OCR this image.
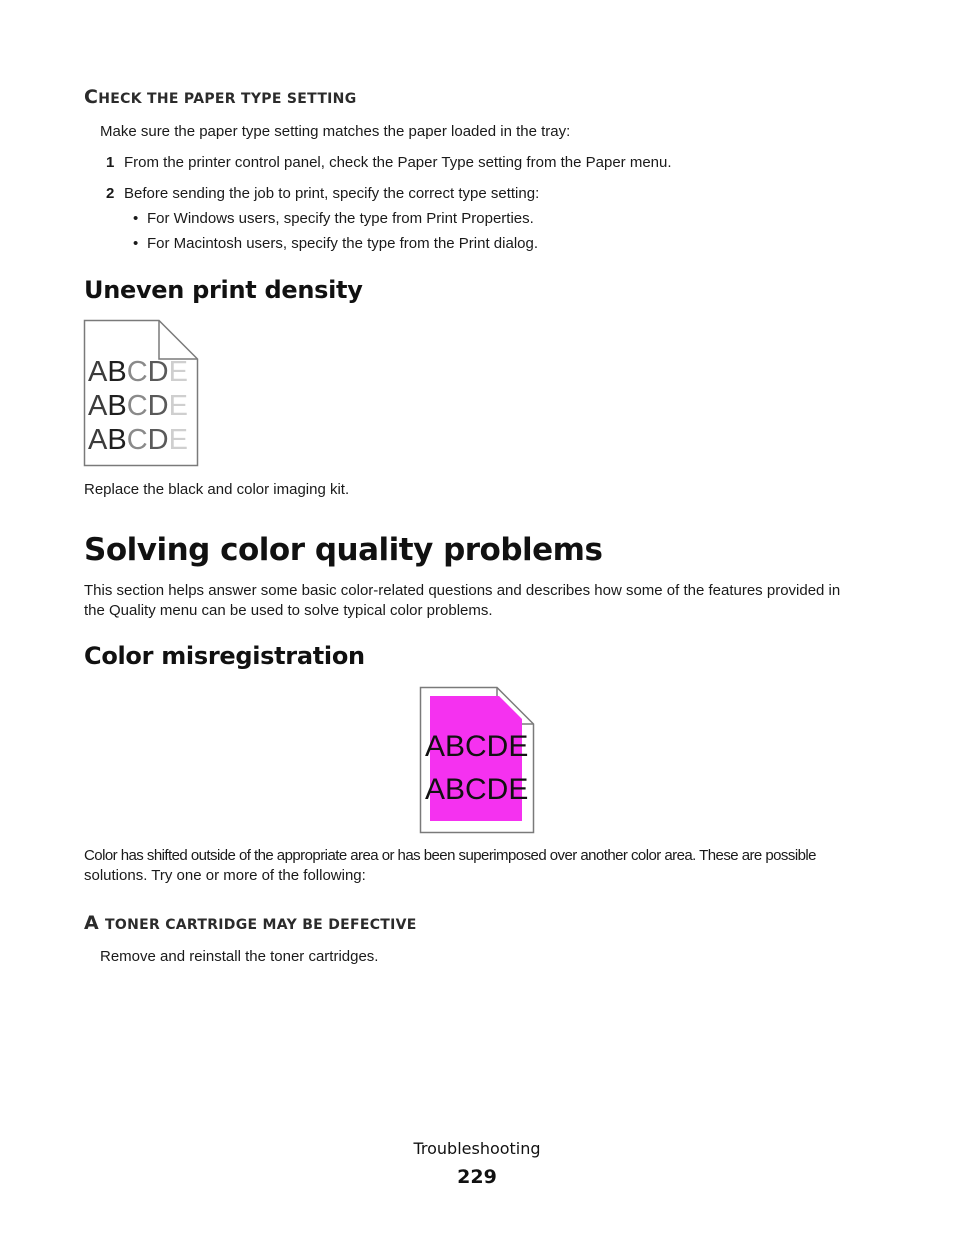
CHECK THE PAPER TYPE SETTING
Make sure the paper type setting matches the paper loaded in the tray:
1 From the printer control panel, check the Paper Type setting from the Paper menu.
2 Before sending the job to print, specify the correct type setting:
• For Windows users, specify the type from Print Properties.
• For Macintosh users, specify the type from the Print dialog.
Uneven print density
ABCDE
ABCDE
ABCDE
Replace the black and color imaging kit.
Solving color quality problems
This section helps answer some basic color-related questions and describes how some of the features provided in
the Quality menu can be used to solve typical color problems.
Color misregistration
ABCDE
ABCDE
Color has shifted outside of the appropriate area or has been superimposed over another color area. These are possible
solutions. Try one or more of the following:
A TONER CARTRIDGE MAY BE DEFECTIVE
Remove and reinstall the toner cartridges.
Troubleshooting
229
